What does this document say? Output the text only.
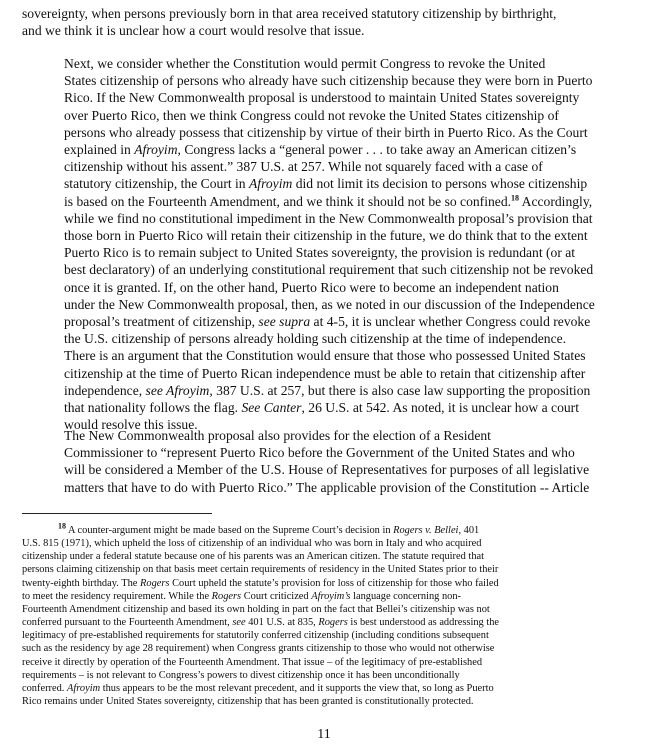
sovereignty, when persons previously born in that area received statutory citizenship by birthright,
and we think it is unclear how a court would resolve that issue.
Next, we consider whether the Constitution would permit Congress to revoke the United
States citizenship of persons who already have such citizenship because they were born in Puerto
Rico. If the New Commonwealth proposal is understood to maintain United States sovereignty
over Puerto Rico, then we think Congress could not revoke the United States citizenship of
persons who already possess that citizenship by virtue of their birth in Puerto Rico. As the Court
explained in Afroyim, Congress lacks a “general power . . . to take away an American citizen’s
citizenship without his assent.” 387 U.S. at 257. While not squarely faced with a case of
statutory citizenship, the Court in Afroyim did not limit its decision to persons whose citizenship
is based on the Fourteenth Amendment, and we think it should not be so confined.$^{18}$ Accordingly,
while we find no constitutional impediment in the New Commonwealth proposal’s provision that
those born in Puerto Rico will retain their citizenship in the future, we do think that to the extent
Puerto Rico is to remain subject to United States sovereignty, the provision is redundant (or at
best declaratory) of an underlying constitutional requirement that such citizenship not be revoked
once it is granted. If, on the other hand, Puerto Rico were to become an independent nation
under the New Commonwealth proposal, then, as we noted in our discussion of the Independence
proposal’s treatment of citizenship, see supra at 4-5, it is unclear whether Congress could revoke
the U.S. citizenship of persons already holding such citizenship at the time of independence.
There is an argument that the Constitution would ensure that those who possessed United States
citizenship at the time of Puerto Rican independence must be able to retain that citizenship after
independence, see Afroyim, 387 U.S. at 257, but there is also case law supporting the proposition
that nationality follows the flag. See Canter, 26 U.S. at 542. As noted, it is unclear how a court
would resolve this issue.
The New Commonwealth proposal also provides for the election of a Resident
Commissioner to “represent Puerto Rico before the Government of the United States and who
will be considered a Member of the U.S. House of Representatives for purposes of all legislative
matters that have to do with Puerto Rico.” The applicable provision of the Constitution -- Article
$^{18}$ A counter-argument might be made based on the Supreme Court’s decision in Rogers v. Bellei, 401
U.S. 815 (1971), which upheld the loss of citizenship of an individual who was born in Italy and who acquired
citizenship under a federal statute because one of his parents was an American citizen. The statute required that
persons claiming citizenship on that basis meet certain requirements of residency in the United States prior to their
twenty-eighth birthday. The Rogers Court upheld the statute’s provision for loss of citizenship for those who failed
to meet the residency requirement. While the Rogers Court criticized Afroyim’s language concerning non-
Fourteenth Amendment citizenship and based its own holding in part on the fact that Bellei’s citizenship was not
conferred pursuant to the Fourteenth Amendment, see 401 U.S. at 835, Rogers is best understood as addressing the
legitimacy of pre-established requirements for statutorily conferred citizenship (including conditions subsequent
such as the residency by age 28 requirement) when Congress grants citizenship to those who would not otherwise
receive it directly by operation of the Fourteenth Amendment. That issue – of the legitimacy of pre-established
requirements – is not relevant to Congress’s powers to divest citizenship once it has been unconditionally
conferred. Afroyim thus appears to be the most relevant precedent, and it supports the view that, so long as Puerto
Rico remains under United States sovereignty, citizenship that has been granted is constitutionally protected.
11
